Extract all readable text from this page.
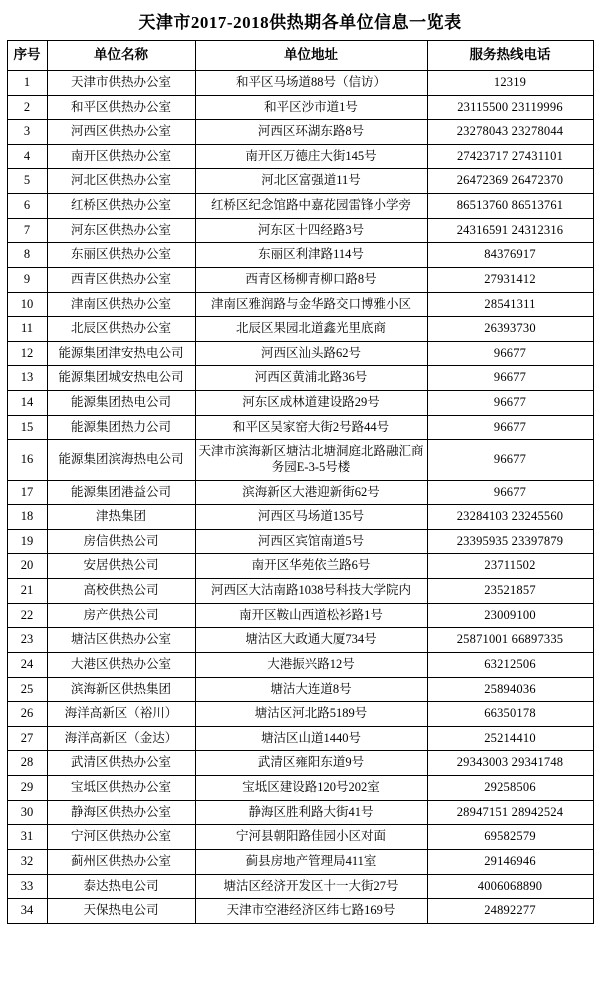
天津市2017-2018供热期各单位信息一览表
序号	单位名称	单位地址	服务热线电话
1	天津市供热办公室	和平区马场道88号（信访）	12319
2	和平区供热办公室	和平区沙市道1号	23115500 23119996
3	河西区供热办公室	河西区环湖东路8号	23278043 23278044
4	南开区供热办公室	南开区万德庄大街145号	27423717 27431101
5	河北区供热办公室	河北区富强道11号	26472369 26472370
6	红桥区供热办公室	红桥区纪念馆路中嘉花园雷锋小学旁	86513760 86513761
7	河东区供热办公室	河东区十四经路3号	24316591 24312316
8	东丽区供热办公室	东丽区利津路114号	84376917
9	西青区供热办公室	西青区杨柳青柳口路8号	27931412
10	津南区供热办公室	津南区雅润路与金华路交口博雅小区	28541311
11	北辰区供热办公室	北辰区果园北道鑫光里底商	26393730
12	能源集团津安热电公司	河西区汕头路62号	96677
13	能源集团城安热电公司	河西区黄浦北路36号	96677
14	能源集团热电公司	河东区成林道建设路29号	96677
15	能源集团热力公司	和平区吴家窑大街2号路44号	96677
16	能源集团滨海热电公司	天津市滨海新区塘沽北塘洞庭北路融汇商务园E-3-5号楼	96677
17	能源集团港益公司	滨海新区大港迎新街62号	96677
18	津热集团	河西区马场道135号	23284103 23245560
19	房信供热公司	河西区宾馆南道5号	23395935 23397879
20	安居供热公司	南开区华苑依兰路6号	23711502
21	高校供热公司	河西区大沽南路1038号科技大学院内	23521857
22	房产供热公司	南开区鞍山西道松衫路1号	23009100
23	塘沽区供热办公室	塘沽区大政通大厦734号	25871001 66897335
24	大港区供热办公室	大港振兴路12号	63212506
25	滨海新区供热集团	塘沽大连道8号	25894036
26	海洋高新区（裕川）	塘沽区河北路5189号	66350178
27	海洋高新区（金达）	塘沽区山道1440号	25214410
28	武清区供热办公室	武清区雍阳东道9号	29343003 29341748
29	宝坻区供热办公室	宝坻区建设路120号202室	29258506
30	静海区供热办公室	静海区胜利路大街41号	28947151 28942524
31	宁河区供热办公室	宁河县朝阳路佳园小区对面	69582579
32	蓟州区供热办公室	蓟县房地产管理局411室	29146946
33	泰达热电公司	塘沽区经济开发区十一大街27号	4006068890
34	天保热电公司	天津市空港经济区纬七路169号	24892277
